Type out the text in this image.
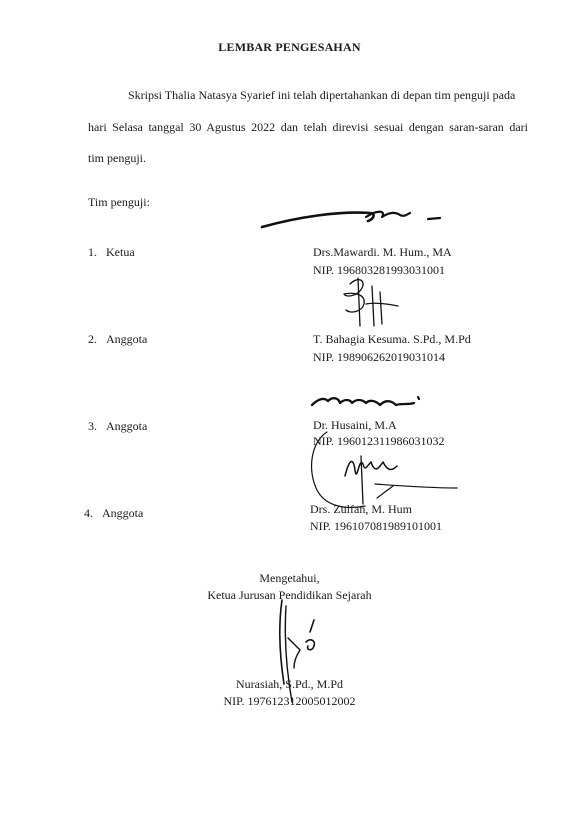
LEMBAR PENGESAHAN
Skripsi Thalia Natasya Syarief ini telah dipertahankan di depan tim penguji pada
hari Selasa tanggal 30 Agustus 2022 dan telah direvisi sesuai dengan saran-saran dari
tim penguji.
Tim penguji:
1. Ketua	Drs.Mawardi. M. Hum., MA
NIP. 196803281993031001
2. Anggota	T. Bahagia Kesuma. S.Pd., M.Pd
NIP. 198906262019031014
3. Anggota	Dr. Husaini, M.A
NIP. 196012311986031032
4. Anggota	Drs. Zulfan, M. Hum
NIP. 196107081989101001
Mengetahui,
Ketua Jurusan Pendidikan Sejarah
Nurasiah, S.Pd., M.Pd
NIP. 197612312005012002
